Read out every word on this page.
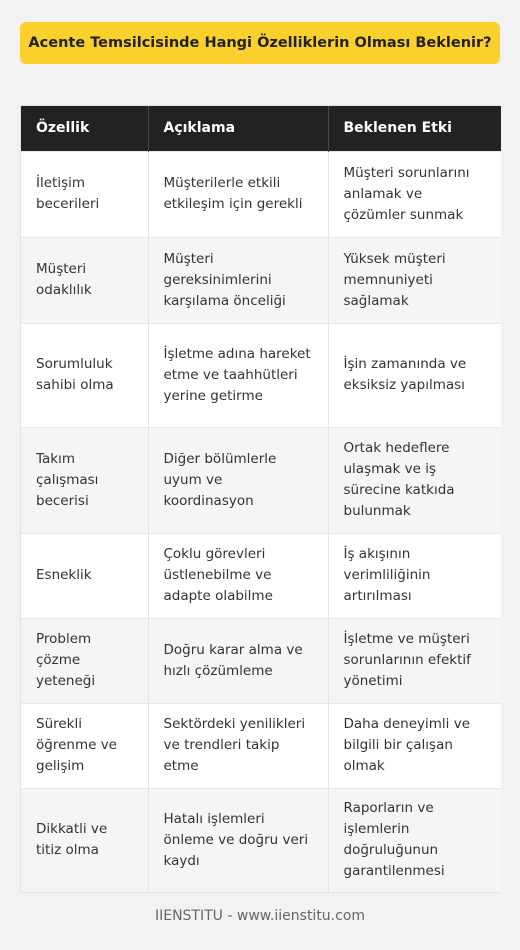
Acente Temsilcisinde Hangi Özelliklerin Olması Beklenir?
Özellik	Açıklama	Beklenen Etki
İletişim becerileri	Müşterilerle etkili etkileşim için gerekli	Müşteri sorunlarını anlamak ve çözümler sunmak
Müşteri odaklılık	Müşteri gereksinimlerini karşılama önceliği	Yüksek müşteri memnuniyeti sağlamak
Sorumluluk sahibi olma	İşletme adına hareket etme ve taahhütleri yerine getirme	İşin zamanında ve eksiksiz yapılması
Takım çalışması becerisi	Diğer bölümlerle uyum ve koordinasyon	Ortak hedeflere ulaşmak ve iş sürecine katkıda bulunmak
Esneklik	Çoklu görevleri üstlenebilme ve adapte olabilme	İş akışının verimliliğinin artırılması
Problem çözme yeteneği	Doğru karar alma ve hızlı çözümleme	İşletme ve müşteri sorunlarının efektif yönetimi
Sürekli öğrenme ve gelişim	Sektördeki yenilikleri ve trendleri takip etme	Daha deneyimli ve bilgili bir çalışan olmak
Dikkatli ve titiz olma	Hatalı işlemleri önleme ve doğru veri kaydı	Raporların ve işlemlerin doğruluğunun garantilenmesi
IIENSTITU - www.iienstitu.com
